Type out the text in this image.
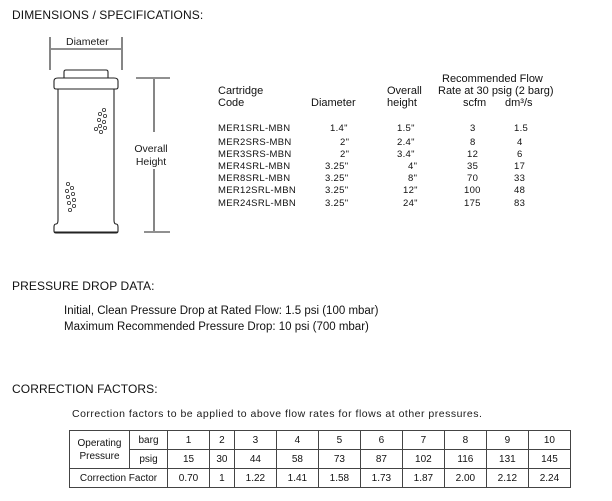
DIMENSIONS / SPECIFICATIONS:
Diameter
Overall
Height
Recommended Flow
Cartridge
Code	Diameter
Overall
height
Rate at 30 psig (2 barg)
scfm dm³/s
MER1SRL-MBN	1.4"	1.5"	3	1.5
MER2SRS-MBN	2"	2.4"	8	4
MER3SRS-MBN	2"	3.4"	12	6
MER4SRL-MBN	3.25"	4"	35	17
MER8SRL-MBN	3.25"	8"	70	33
MER12SRL-MBN	3.25"	12"	100	48
MER24SRL-MBN	3.25"	24"	175	83
PRESSURE DROP DATA:
Initial, Clean Pressure Drop at Rated Flow: 1.5 psi (100 mbar)
Maximum Recommended Pressure Drop: 10 psi (700 mbar)
CORRECTION FACTORS:
Correction factors to be applied to above flow rates for flows at other pressures.
Operating
Pressure	barg	1	2	3	4	5	6	7	8	9	10
	psig	15	30	44	58	73	87	102	116	131	145
Correction Factor		0.70	1	1.22	1.41	1.58	1.73	1.87	2.00	2.12	2.24
